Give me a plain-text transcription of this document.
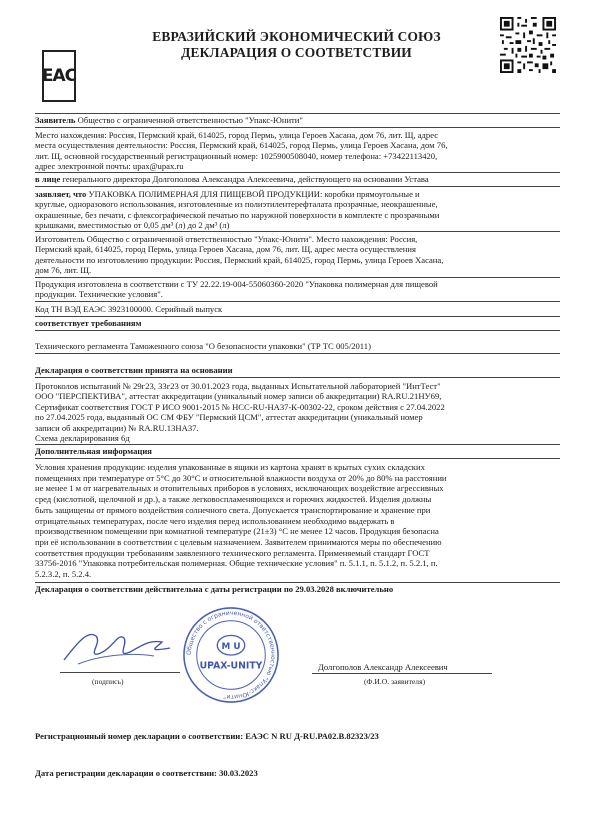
ЕВРАЗИЙСКИЙ ЭКОНОМИЧЕСКИЙ СОЮЗ
ДЕКЛАРАЦИЯ О СООТВЕТСТВИИ
EAC
Заявитель Общество с ограниченной ответственностью "Упакс-Юнити"
Место нахождения: Россия, Пермский край, 614025, город Пермь, улица Героев Хасана, дом 76, лит. Щ, адрес
места осуществления деятельности: Россия, Пермский край, 614025, город Пермь, улица Героев Хасана, дом 76,
лит. Щ, основной государственный регистрационный номер: 1025900508040, номер телефона: +73422113420,
адрес электронной почты: upax@upax.ru
в лице генерального директора Долгополова Александра Алексеевича, действующего на основании Устава
заявляет, что УПАКОВКА ПОЛИМЕРНАЯ ДЛЯ ПИЩЕВОЙ ПРОДУКЦИИ: коробки прямоугольные и
круглые, одноразового использования, изготовленные из полиэтилентерефталата прозрачные, неокрашенные,
окрашенные, без печати, с флексографической печатью по наружной поверхности в комплекте с прозрачными
крышками, вместимостью от 0,05 дм³ (л) до 2 дм³ (л)
Изготовитель Общество с ограниченной ответственностью "Упакс-Юнити". Место нахождения: Россия,
Пермский край, 614025, город Пермь, улица Героев Хасана, дом 76, лит. Щ, адрес места осуществления
деятельности по изготовлению продукции: Россия, Пермский край, 614025, город Пермь, улица Героев Хасана,
дом 76, лит. Щ.
Продукция изготовлена в соответствии с ТУ 22.22.19-004-55060360-2020 "Упаковка полимерная для пищевой
продукции. Технические условия".
Код ТН ВЭД ЕАЭС 3923100000. Серийный выпуск
соответствует требованиям
Технического регламента Таможенного союза "О безопасности упаковки" (ТР ТС 005/2011)
Декларация о соответствии принята на основании
Протоколов испытаний № 29г23, 33г23 от 30.01.2023 года, выданных Испытательной лабораторией "ИнтТест"
ООО "ПЕРСПЕКТИВА", аттестат аккредитации (уникальный номер записи об аккредитации) RA.RU.21НУ69,
Сертификат соответствия ГОСТ Р ИСО 9001-2015 № НСС-RU-НА37-К-00302-22, сроком действия с 27.04.2022
по 27.04.2025 года, выданный ОС СМ ФБУ "Пермский ЦСМ", аттестат аккредитации (уникальный номер
записи об аккредитации) № RA.RU.13НА37.
Схема декларирования 6д
Дополнительная информация
Условия хранения продукции: изделия упакованные в ящики из картона хранят в крытых сухих складских
помещениях при температуре от 5°С до 30°С и относительной влажности воздуха от 20% до 80% на расстоянии
не менее 1 м от нагревательных и отопительных приборов в условиях, исключающих воздействие агрессивных
сред (кислотной, щелочной и др.), а также легковоспламеняющихся и горючих жидкостей. Изделия должны
быть защищены от прямого воздействия солнечного света. Допускается транспортирование и хранение при
отрицательных температурах, после чего изделия перед использованием необходимо выдержать в
производственном помещении при комнатной температуре (21±3) °С не менее 12 часов. Продукция безопасна
при её использовании в соответствии с целевым назначением. Заявителем принимаются меры по обеспечению
соответствия продукции требованиям заявленного технического регламента. Применяемый стандарт ГОСТ
33756-2016 "Упаковка потребительская полимерная. Общие технические условия" п. 5.1.1, п. 5.1.2, п. 5.2.1, п.
5.2.3.2, п. 5.2.4.
Декларация о соответствии действительна с даты регистрации по 29.03.2028 включительно
Общество с ограниченной ответственностью "Упакс-Юнити"
M U
UPAX-UNITY
(подпись)
Долгополов Александр Алексеевич
(Ф.И.О. заявителя)
Регистрационный номер декларации о соответствии: ЕАЭС N RU Д-RU.РА02.В.82323/23
Дата регистрации декларации о соответствии: 30.03.2023
